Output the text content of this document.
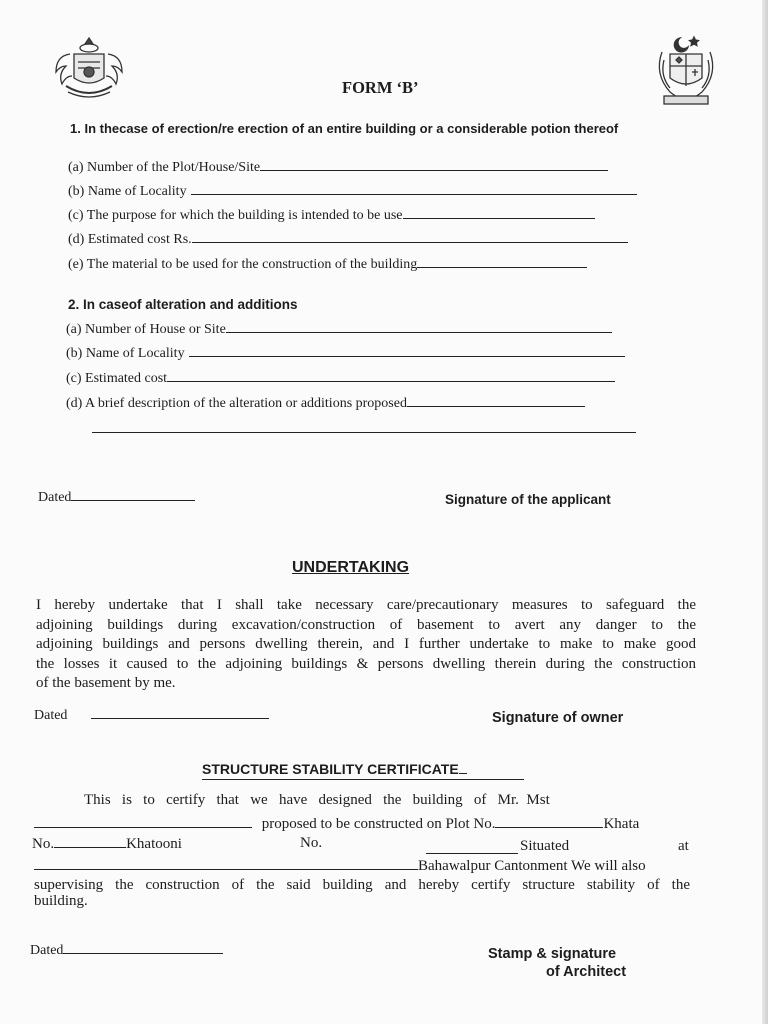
FORM ‘B’
1. In thecase of erection/re erection of an entire building or a considerable potion thereof
(a) Number of the Plot/House/Site
(b) Name of Locality
(c) The purpose for which the building is intended to be use
(d) Estimated cost Rs.
(e) The material to be used for the construction of the building
2. In caseof alteration and additions
(a) Number of House or Site
(b) Name of Locality
(c) Estimated cost
(d) A brief description of the alteration or additions proposed
Dated	Signature of the applicant
UNDERTAKING
I hereby undertake that I shall take necessary care/precautionary measures to safeguard the
adjoining buildings during excavation/construction of basement to avert any danger to the
adjoining buildings and persons dwelling therein, and I further undertake to make to make good
the losses it caused to the adjoining buildings & persons dwelling therein during the construction
of the basement by me.
Dated	Signature of owner
STRUCTURE STABILITY CERTIFICATE
This   is   to   certify   that   we   have   designed   the   building   of   Mr.  Mst
proposed to be constructed on Plot No.	Khata
No.	Khatooni	No.	Situated	at
Bahawalpur Cantonment We will also
supervising the construction of the said building and hereby certify structure stability of the
building.
Dated	Stamp & signature
of Architect
